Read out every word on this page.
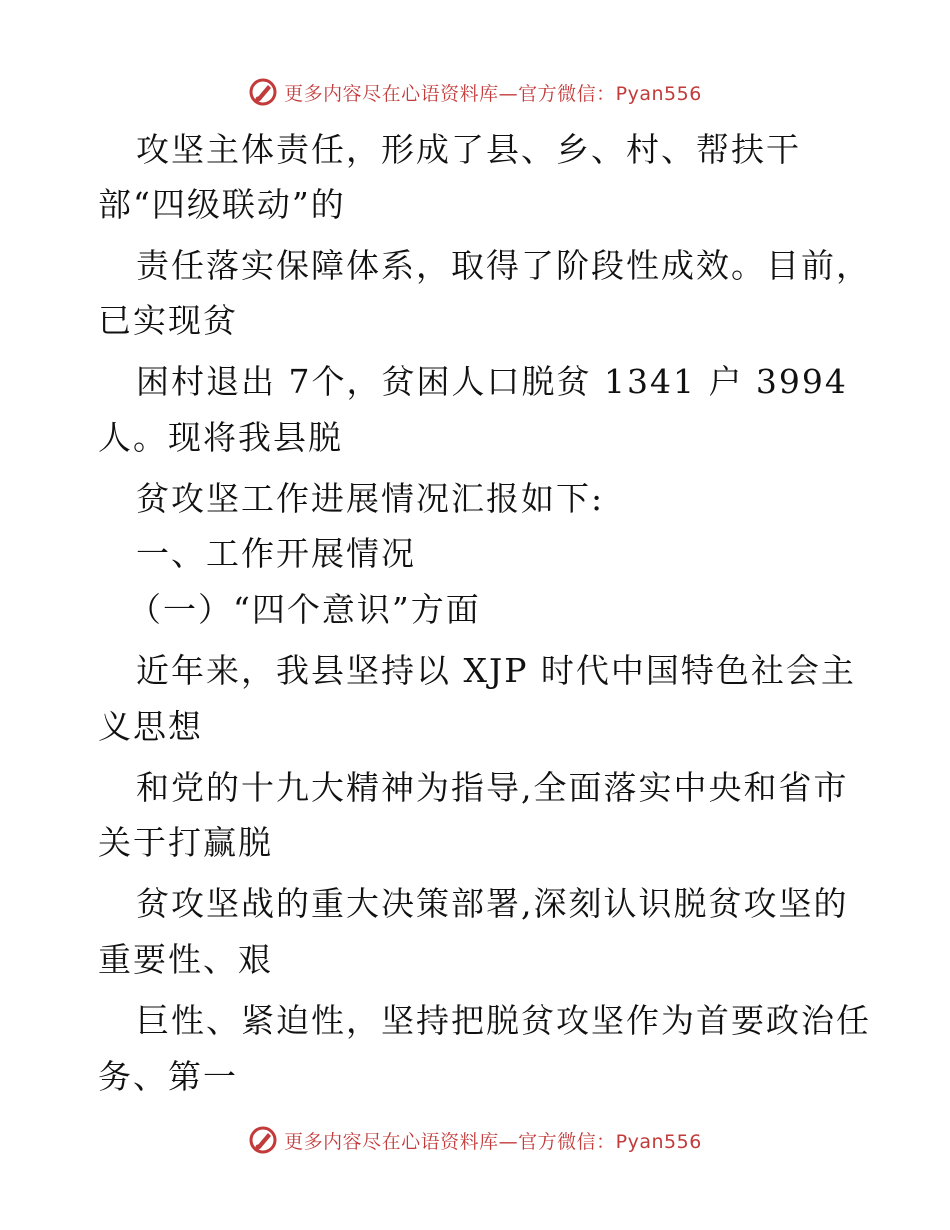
更多内容尽在心语资料库—官方微信：Pyan556
攻坚主体责任，形成了县、乡、村、帮扶干
部“四级联动”的
责任落实保障体系，取得了阶段性成效。目前，
已实现贫
困村退出 7个，贫困人口脱贫 1341 户 3994
人。现将我县脱
贫攻坚工作进展情况汇报如下:
一、工作开展情况
（一）“四个意识”方面
近年来，我县坚持以 XJP 时代中国特色社会主
义思想
和党的十九大精神为指导,全面落实中央和省市
关于打赢脱
贫攻坚战的重大决策部署,深刻认识脱贫攻坚的
重要性、艰
巨性、紧迫性，坚持把脱贫攻坚作为首要政治任
务、第一
更多内容尽在心语资料库—官方微信：Pyan556
